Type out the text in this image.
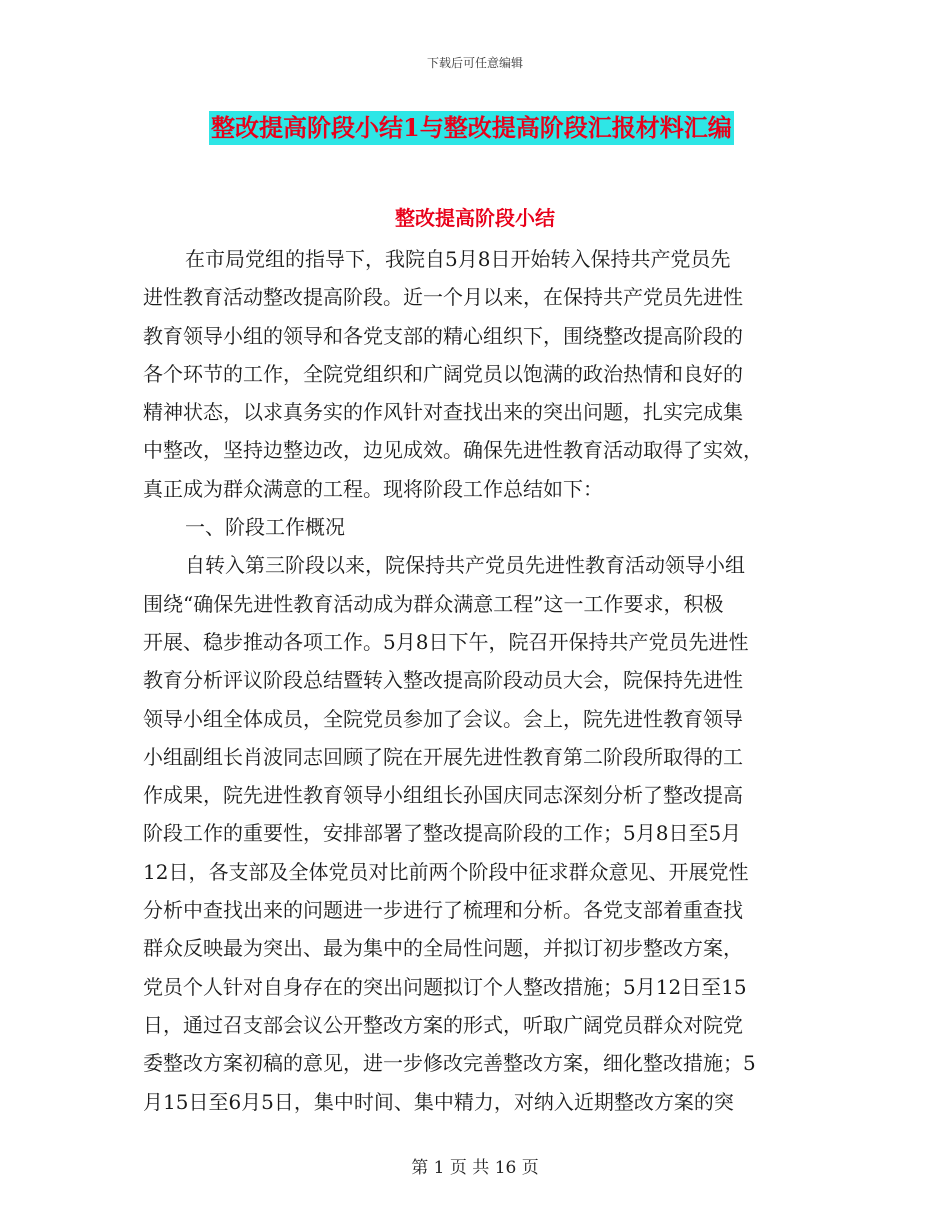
下载后可任意编辑
整改提高阶段小结1与整改提高阶段汇报材料汇编
整改提高阶段小结
在市局党组的指导下，我院自5月8日开始转入保持共产党员先
进性教育活动整改提高阶段。近一个月以来，在保持共产党员先进性
教育领导小组的领导和各党支部的精心组织下，围绕整改提高阶段的
各个环节的工作，全院党组织和广阔党员以饱满的政治热情和良好的
精神状态，以求真务实的作风针对查找出来的突出问题，扎实完成集
中整改，坚持边整边改，边见成效。确保先进性教育活动取得了实效，
真正成为群众满意的工程。现将阶段工作总结如下：
一、阶段工作概况
自转入第三阶段以来，院保持共产党员先进性教育活动领导小组
围绕“确保先进性教育活动成为群众满意工程”这一工作要求，积极
开展、稳步推动各项工作。5月8日下午，院召开保持共产党员先进性
教育分析评议阶段总结暨转入整改提高阶段动员大会，院保持先进性
领导小组全体成员，全院党员参加了会议。会上，院先进性教育领导
小组副组长肖波同志回顾了院在开展先进性教育第二阶段所取得的工
作成果，院先进性教育领导小组组长孙国庆同志深刻分析了整改提高
阶段工作的重要性，安排部署了整改提高阶段的工作；5月8日至5月
12日，各支部及全体党员对比前两个阶段中征求群众意见、开展党性
分析中查找出来的问题进一步进行了梳理和分析。各党支部着重查找
群众反映最为突出、最为集中的全局性问题，并拟订初步整改方案，
党员个人针对自身存在的突出问题拟订个人整改措施；5月12日至15
日，通过召支部会议公开整改方案的形式，听取广阔党员群众对院党
委整改方案初稿的意见，进一步修改完善整改方案，细化整改措施；5
月15日至6月5日，集中时间、集中精力，对纳入近期整改方案的突
第 1 页 共 16 页
